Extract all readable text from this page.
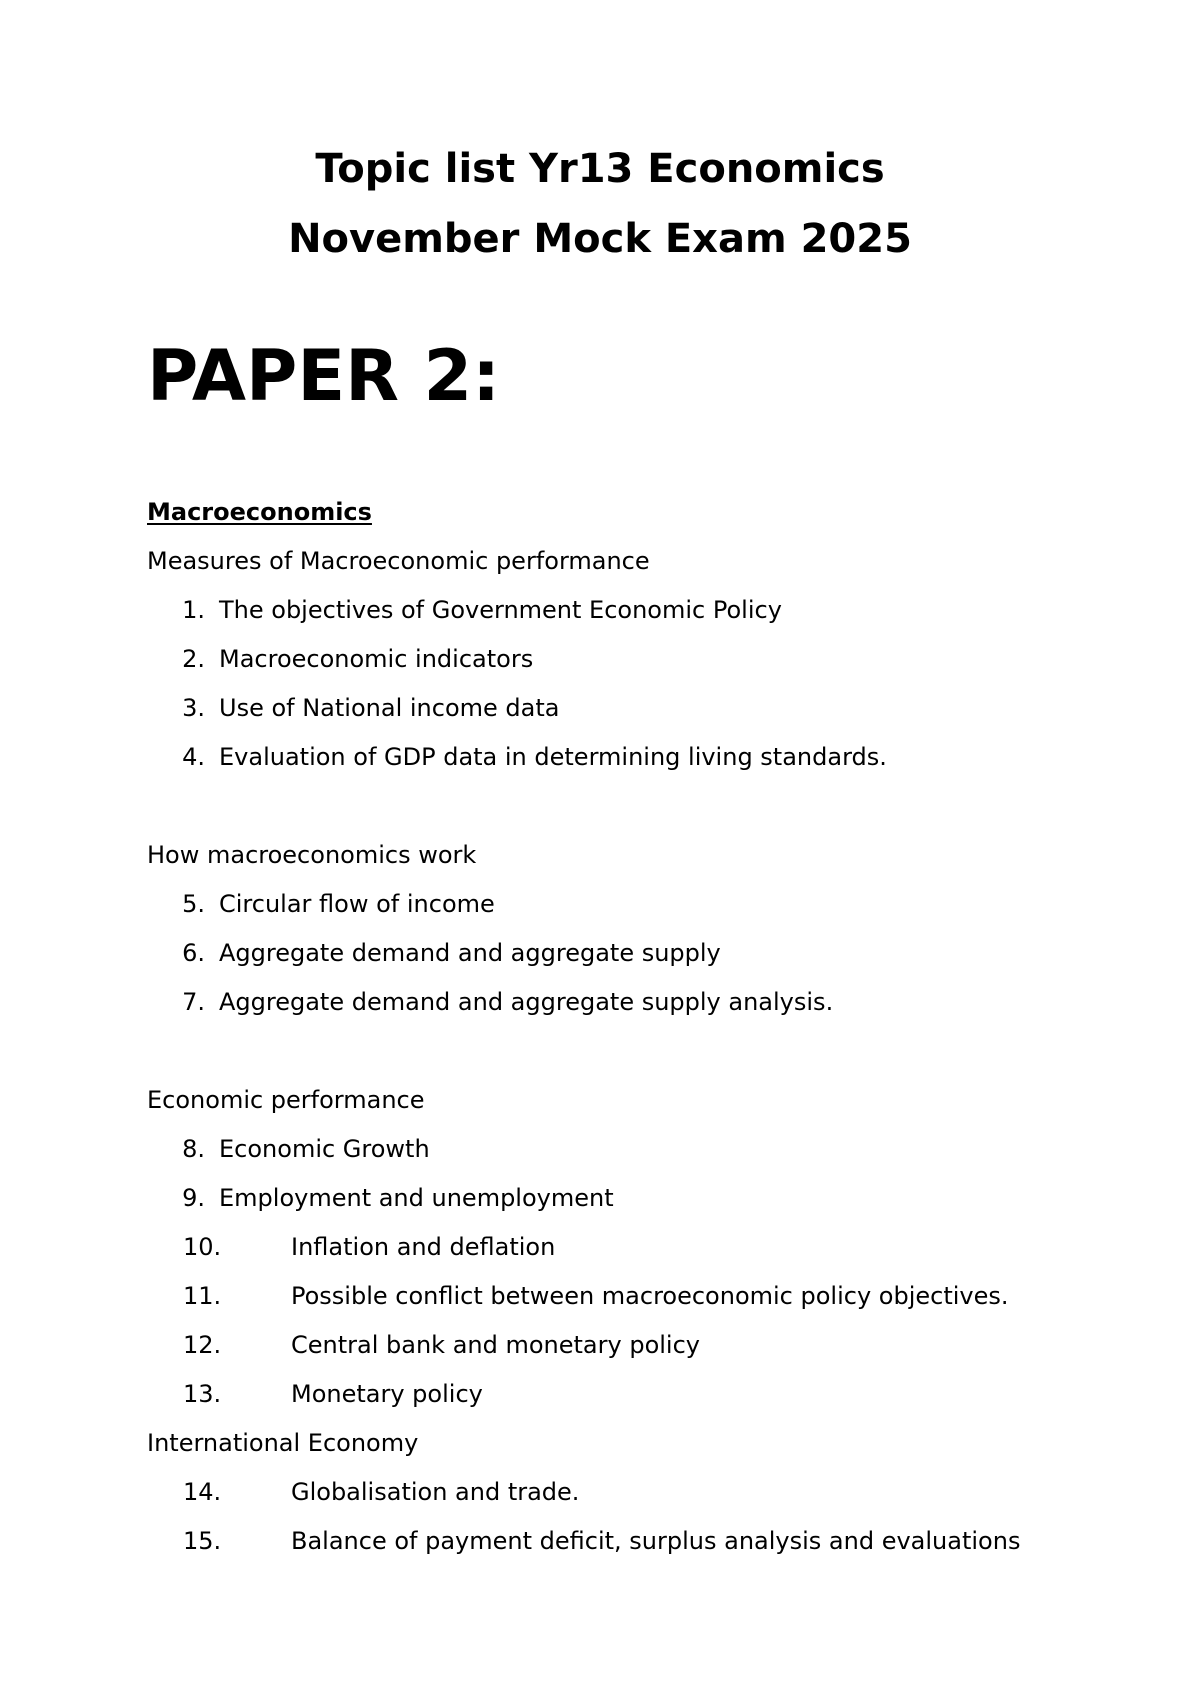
Topic list Yr13 Economics
November Mock Exam 2025
PAPER 2:
Macroeconomics
Measures of Macroeconomic performance
1. The objectives of Government Economic Policy
2. Macroeconomic indicators
3. Use of National income data
4. Evaluation of GDP data in determining living standards.
How macroeconomics work
5. Circular flow of income
6. Aggregate demand and aggregate supply
7. Aggregate demand and aggregate supply analysis.
Economic performance
8. Economic Growth
9. Employment and unemployment
10.	Inflation and deflation
11.	Possible conflict between macroeconomic policy objectives.
12.	Central bank and monetary policy
13.	Monetary policy
International Economy
14.	Globalisation and trade.
15.	Balance of payment deficit, surplus analysis and evaluations
